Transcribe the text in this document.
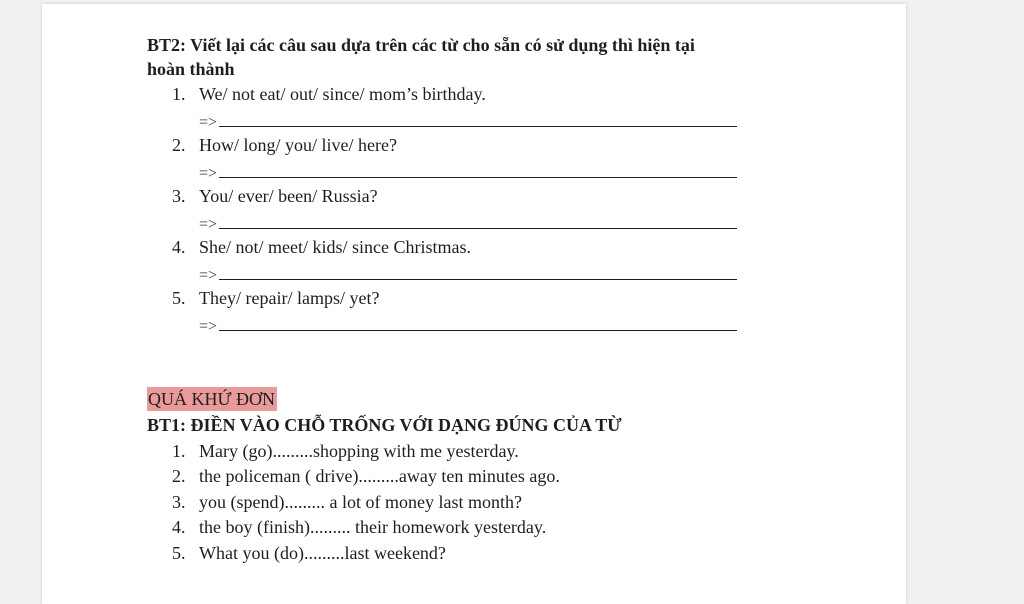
BT2: Viết lại các câu sau dựa trên các từ cho sẵn có sử dụng thì hiện tại
hoàn thành
1. We/ not eat/ out/ since/ mom’s birthday.
=>
2. How/ long/ you/ live/ here?
=>
3. You/ ever/ been/ Russia?
=>
4. She/ not/ meet/ kids/ since Christmas.
=>
5. They/ repair/ lamps/ yet?
=>
QUÁ KHỨ ĐƠN
BT1: ĐIỀN VÀO CHỖ TRỐNG VỚI DẠNG ĐÚNG CỦA TỪ
1. Mary (go).........shopping with me yesterday.
2. the policeman ( drive).........away ten minutes ago.
3. you (spend)......... a lot of money last month?
4. the boy (finish)......... their homework yesterday.
5. What you (do).........last weekend?
